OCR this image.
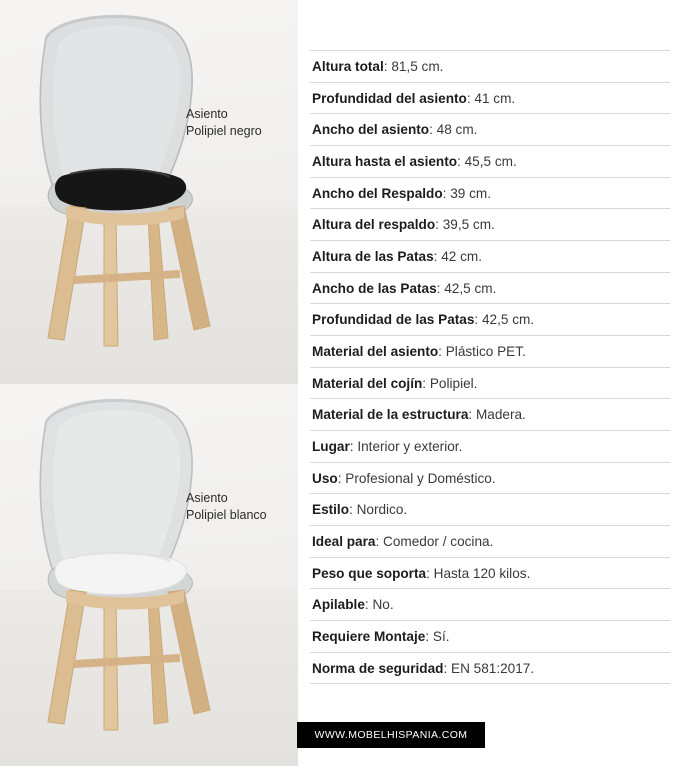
Asiento
Polipiel negro
Asiento
Polipiel blanco
Altura total: 81,5 cm.
Profundidad del asiento: 41 cm.
Ancho del asiento: 48 cm.
Altura hasta el asiento: 45,5 cm.
Ancho del Respaldo: 39 cm.
Altura del respaldo: 39,5 cm.
Altura de las Patas: 42 cm.
Ancho de las Patas: 42,5 cm.
Profundidad de las Patas: 42,5 cm.
Material del asiento: Plástico PET.
Material del cojín: Polipiel.
Material de la estructura: Madera.
Lugar: Interior y exterior.
Uso: Profesional y Doméstico.
Estilo: Nordico.
Ideal para: Comedor / cocina.
Peso que soporta: Hasta 120 kilos.
Apilable: No.
Requiere Montaje: Sí.
Norma de seguridad: EN 581:2017.
WWW.MOBELHISPANIA.COM
